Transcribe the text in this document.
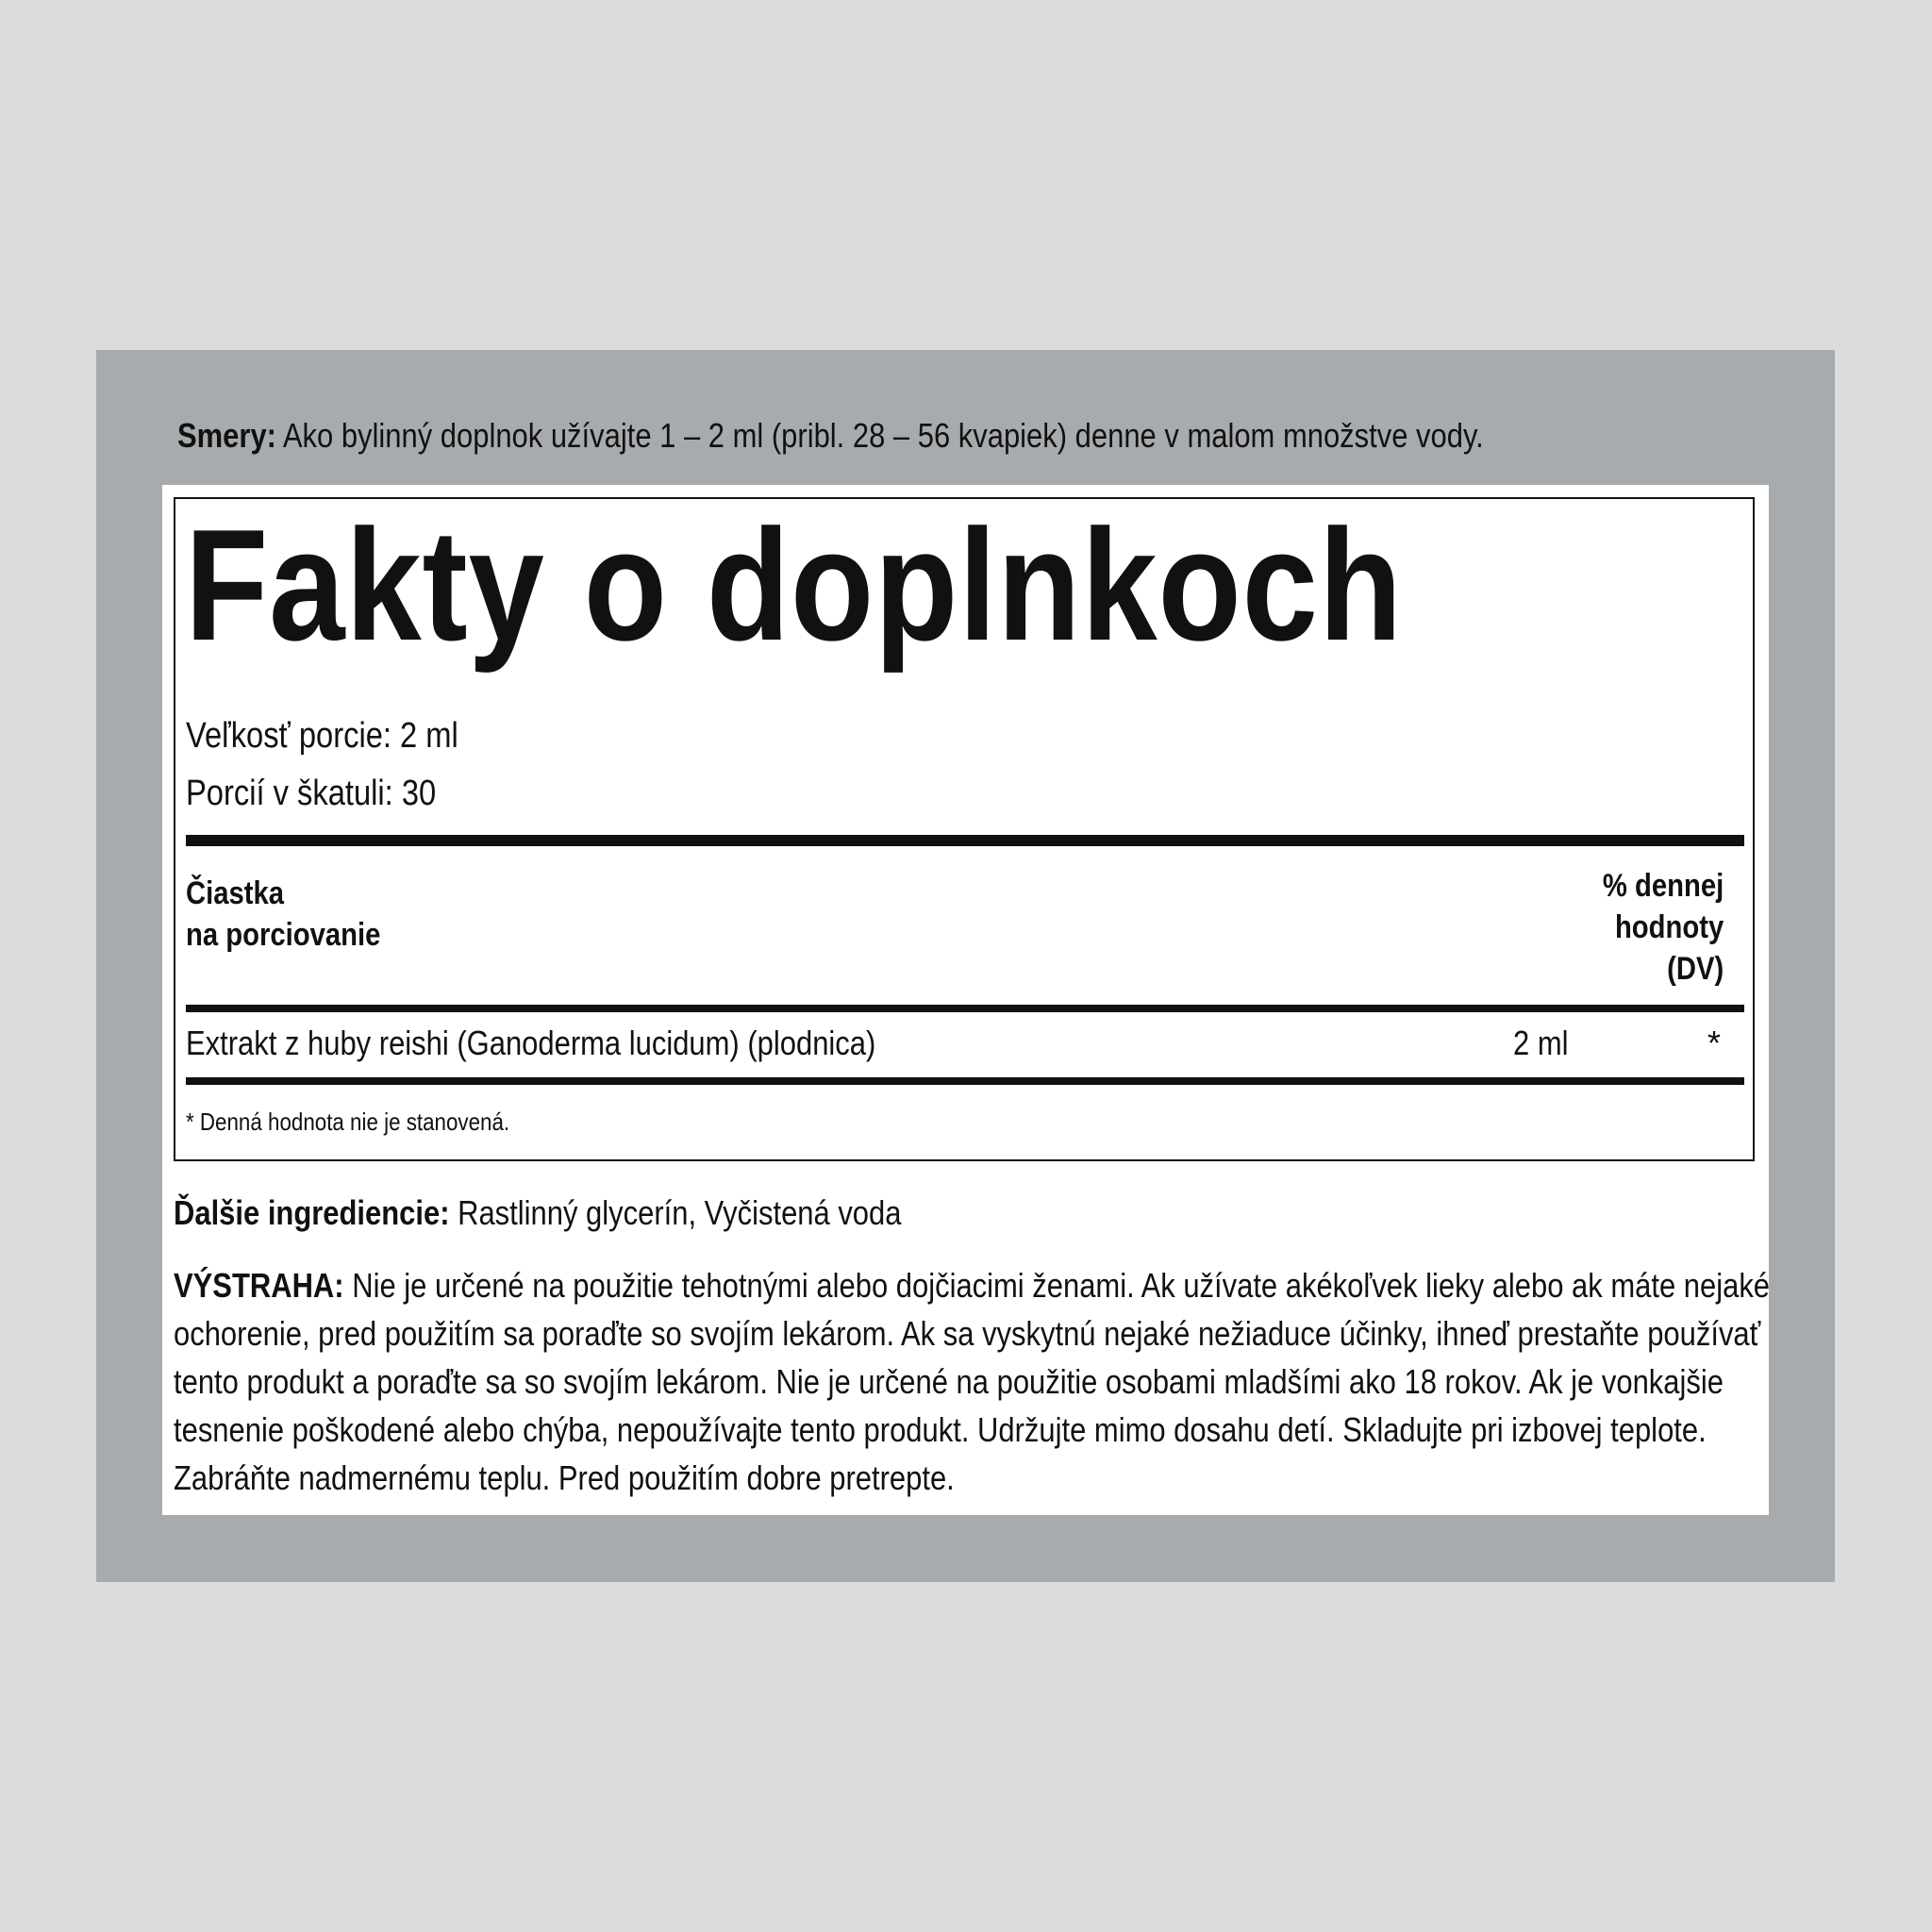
Smery: Ako bylinný doplnok užívajte 1 – 2 ml (pribl. 28 – 56 kvapiek) denne v malom množstve vody.
Fakty o doplnkoch
Veľkosť porcie: 2 ml
Porcií v škatuli: 30
Čiastka
na porciovanie
% dennej
hodnoty
(DV)
Extrakt z huby reishi (Ganoderma lucidum) (plodnica)	2 ml	*
* Denná hodnota nie je stanovená.
Ďalšie ingrediencie: Rastlinný glycerín, Vyčistená voda
VÝSTRAHA: Nie je určené na použitie tehotnými alebo dojčiacimi ženami. Ak užívate akékoľvek lieky alebo ak máte nejaké ochorenie, pred použitím sa poraďte so svojím lekárom. Ak sa vyskytnú nejaké nežiaduce účinky, ihneď prestaňte používať tento produkt a poraďte sa so svojím lekárom. Nie je určené na použitie osobami mladšími ako 18 rokov. Ak je vonkajšie tesnenie poškodené alebo chýba, nepoužívajte tento produkt. Udržujte mimo dosahu detí. Skladujte pri izbovej teplote. Zabráňte nadmernému teplu. Pred použitím dobre pretrepte.
